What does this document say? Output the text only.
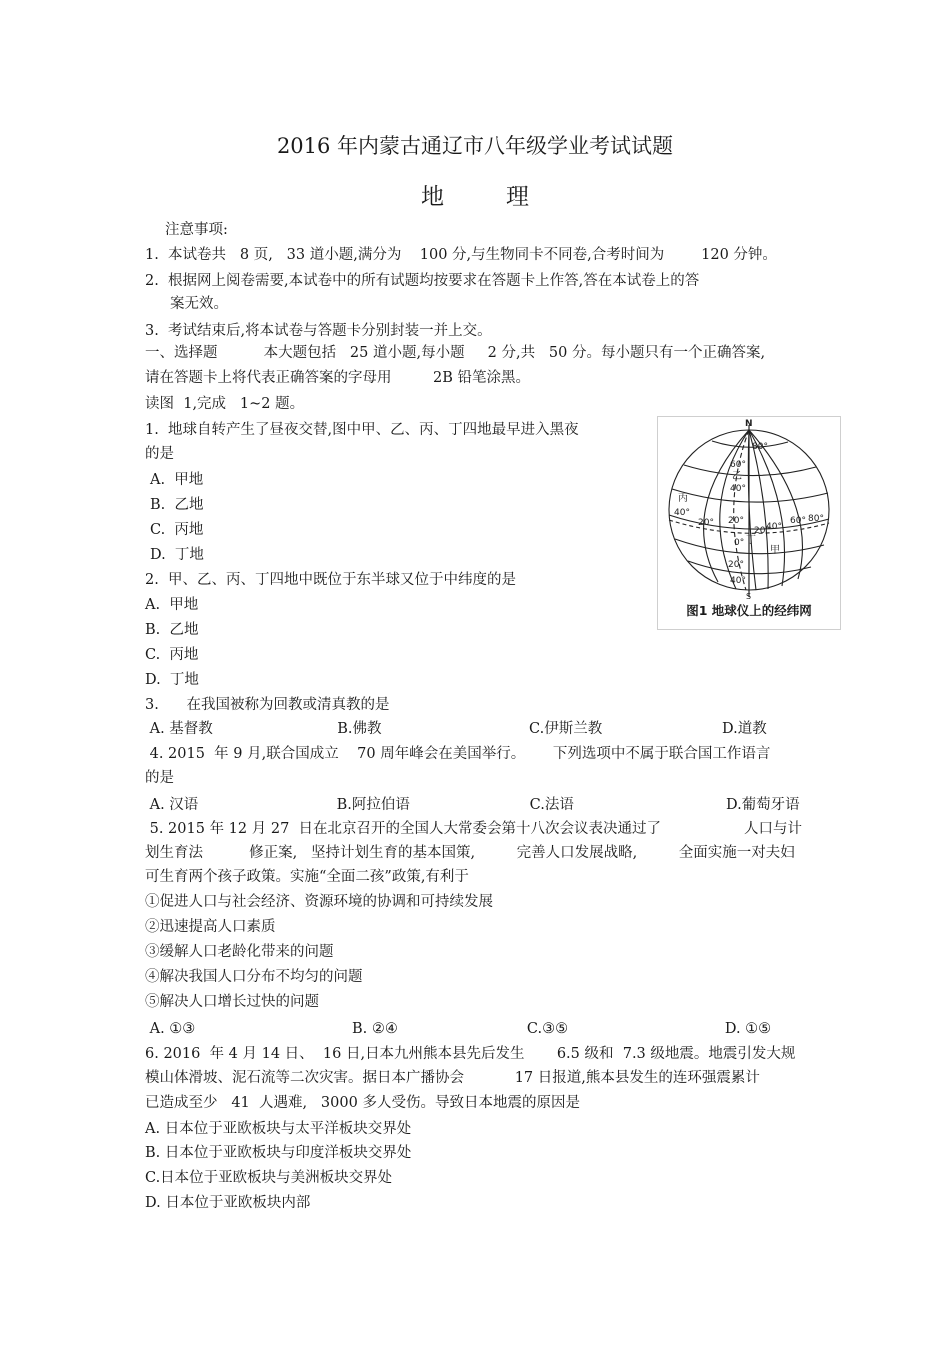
2016 年内蒙古通辽市八年级学业考试试题
地理
注意事项:
1.  本试卷共   8 页,   33 道小题,满分为    100 分,与生物同卡不同卷,合考时间为        120 分钟。
2.  根据网上阅卷需要,本试卷中的所有试题均按要求在答题卡上作答,答在本试卷上的答
案无效。
3.  考试结束后,将本试卷与答题卡分别封装一并上交。
一、选择题          本大题包括   25 道小题,每小题     2 分,共   50 分。每小题只有一个正确答案,
请在答题卡上将代表正确答案的字母用         2B 铅笔涂黑。
读图  1,完成   1~2 题。
1.  地球自转产生了昼夜交替,图中甲、乙、丙、丁四地最早进入黑夜
的是
A.  甲地
B.  乙地
C.  丙地
D.  丁地
2.  甲、乙、丙、丁四地中既位于东半球又位于中纬度的是
A.  甲地
B.  乙地
C.  丙地
D.  丁地
3.      在我国被称为回教或清真教的是
A. 基督教                           B.佛教                                C.伊斯兰教                          D.道教
4. 2015  年 9 月,联合国成立    70 周年峰会在美国举行。      下列选项中不属于联合国工作语言
的是
A. 汉语                              B.阿拉伯语                          C.法语                                 D.葡萄牙语
5. 2015 年 12 月 27  日在北京召开的全国人大常委会第十八次会议表决通过了                  人口与计
划生育法          修正案,   坚持计划生育的基本国策,         完善人口发展战略,         全面实施一对夫妇
可生育两个孩子政策。实施“全面二孩”政策,有利于
①促进人口与社会经济、资源环境的协调和可持续发展
②迅速提高人口素质
③缓解人口老龄化带来的问题
④解决我国人口分布不均匀的问题
⑤解决人口增长过快的问题
A. ①③                                  B. ②④                            C.③⑤                                  D. ①⑤
6. 2016  年 4 月 14 日、  16 日,日本九州熊本县先后发生       6.5 级和  7.3 级地震。地震引发大规
模山体滑坡、泥石流等二次灾害。据日本广播协会           17 日报道,熊本县发生的连环强震累计
已造成至少   41  人遇难,   3000 多人受伤。导致日本地震的原因是
A. 日本位于亚欧板块与太平洋板块交界处
B. 日本位于亚欧板块与印度洋板块交界处
C.日本位于亚欧板块与美洲板块交界处
D. 日本位于亚欧板块内部
N
S
80°
60°
40°
20°
0°
20°
40°
20°
20°
40°
60° 80°
40°
甲
乙
丙
丁
图1 地球仪上的经纬网
